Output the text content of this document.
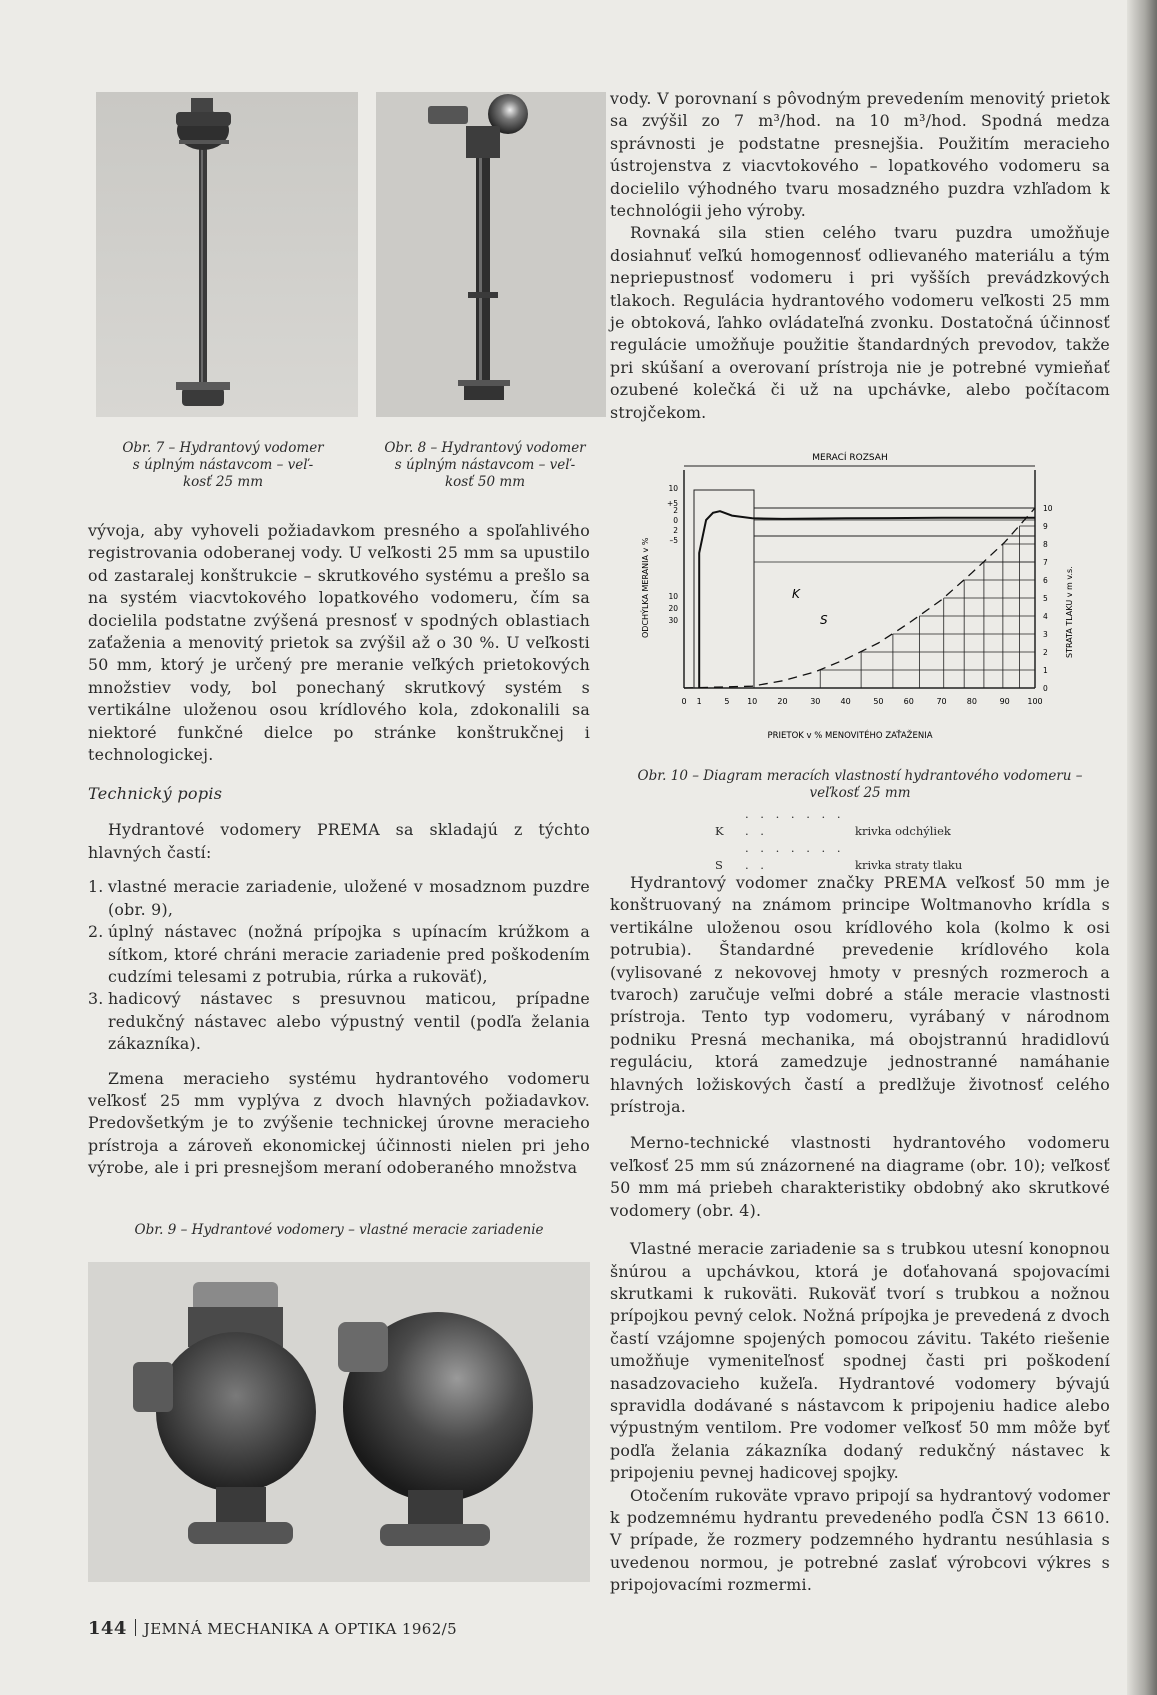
Obr. 7 – Hydrantový vodomer
s úplným nástavcom – veľ-
kosť 25 mm
Obr. 8 – Hydrantový vodomer
s úplným nástavcom – veľ-
kosť 50 mm

vývoja, aby vyhoveli požiadavkom presného a spoľahlivého registrovania odoberanej vody. U veľkosti 25 mm sa upustilo od zastaralej konštrukcie – skrutkového systému a prešlo sa na systém viacvtokového lopatkového vodomeru, čím sa docielila podstatne zvýšená presnosť v spodných oblastiach zaťaženia a menovitý prietok sa zvýšil až o 30 %. U veľkosti 50 mm, ktorý je určený pre meranie veľkých prietokových množstiev vody, bol ponechaný skrutkový systém s vertikálne uloženou osou krídlového kola, zdokonalili sa niektoré funkčné dielce po stránke konštrukčnej i technologickej.

Technický popis

Hydrantové vodomery PREMA sa skladajú z týchto hlavných častí:

1. vlastné meracie zariadenie, uložené v mosadznom puzdre (obr. 9),
2. úplný nástavec (nožná prípojka s upínacím krúžkom a sítkom, ktoré chráni meracie zariadenie pred poškodením cudzími telesami z potrubia, rúrka a rukoväť),
3. hadicový nástavec s presuvnou maticou, prípadne redukčný nástavec alebo výpustný ventil (podľa želania zákazníka).

Zmena meracieho systému hydrantového vodomeru veľkosť 25 mm vyplýva z dvoch hlavných požiadavkov. Predovšetkým je to zvýšenie technickej úrovne meracieho prístroja a zároveň ekonomickej účinnosti nielen pri jeho výrobe, ale i pri presnejšom meraní odoberaného množstva

Obr. 9 – Hydrantové vodomery – vlastné meracie zariadenie

vody. V porovnaní s pôvodným prevedením menovitý prietok sa zvýšil zo 7 m³/hod. na 10 m³/hod. Spodná medza správnosti je podstatne presnejšia. Použitím meracieho ústrojenstva z viacvtokového – lopatkového vodomeru sa docielilo výhodného tvaru mosadzného puzdra vzhľadom k technológii jeho výroby.

Rovnaká sila stien celého tvaru puzdra umožňuje dosiahnuť veľkú homogennosť odlievaného materiálu a tým nepriepustnosť vodomeru i pri vyšších prevádzkových tlakoch. Regulácia hydrantového vodomeru veľkosti 25 mm je obtoková, ľahko ovládateľná zvonku. Dostatočná účinnosť regulácie umožňuje použitie štandardných prevodov, takže pri skúšaní a overovaní prístroja nie je potrebné vymieňať ozubené kolečká či už na upchávke, alebo počítacom strojčekom.

MERACÍ ROZSAH
K
S
0 1	5 10	20	30	40	50	60	70	80	90 100
10
+5
2
0
2
–5
10
20
30
0
1
2
3
4
5
6
7
8
9
10
PRIETOK v % MENOVITÉHO ZAŤAŽENIA
ODCHÝLKA MERANIA v %	STRATA TLAKU v m v.s.
Obr. 10 – Diagram meracích vlastností hydrantového vodomeru –
veľkosť 25 mm
K. . . . . . . . .	krivka odchýliek
S. . . . . . . . .	krivka straty tlaku

Hydrantový vodomer značky PREMA veľkosť 50 mm je konštruovaný na známom principe Woltmanovho krídla s vertikálne uloženou osou krídlového kola (kolmo k osi potrubia). Štandardné prevedenie krídlového kola (vylisované z nekovovej hmoty v presných rozmeroch a tvaroch) zaručuje veľmi dobré a stále meracie vlastnosti prístroja. Tento typ vodomeru, vyrábaný v národnom podniku Presná mechanika, má obojstrannú hradidlovú reguláciu, ktorá zamedzuje jednostranné namáhanie hlavných ložiskových častí a predlžuje životnosť celého prístroja.

Merno-technické vlastnosti hydrantového vodomeru veľkosť 25 mm sú znázornené na diagrame (obr. 10); veľkosť 50 mm má priebeh charakteristiky obdobný ako skrutkové vodomery (obr. 4).

Vlastné meracie zariadenie sa s trubkou utesní konopnou šnúrou a upchávkou, ktorá je doťahovaná spojovacími skrutkami k rukoväti. Rukoväť tvorí s trubkou a nožnou prípojkou pevný celok. Nožná prípojka je prevedená z dvoch častí vzájomne spojených pomocou závitu. Takéto riešenie umožňuje vymeniteľnosť spodnej časti pri poškodení nasadzovacieho kužeľa. Hydrantové vodomery bývajú spravidla dodávané s nástavcom k pripojeniu hadice alebo výpustným ventilom. Pre vodomer veľkosť 50 mm môže byť podľa želania zákazníka dodaný redukčný nástavec k pripojeniu pevnej hadicovej spojky.

Otočením rukoväte vpravo pripojí sa hydrantový vodomer k podzemnému hydrantu prevedeného podľa ČSN 13 6610. V prípade, že rozmery podzemného hydrantu nesúhlasia s uvedenou normou, je potrebné zaslať výrobcovi výkres s pripojovacími rozmermi.

144 JEMNÁ MECHANIKA A OPTIKA 1962/5
